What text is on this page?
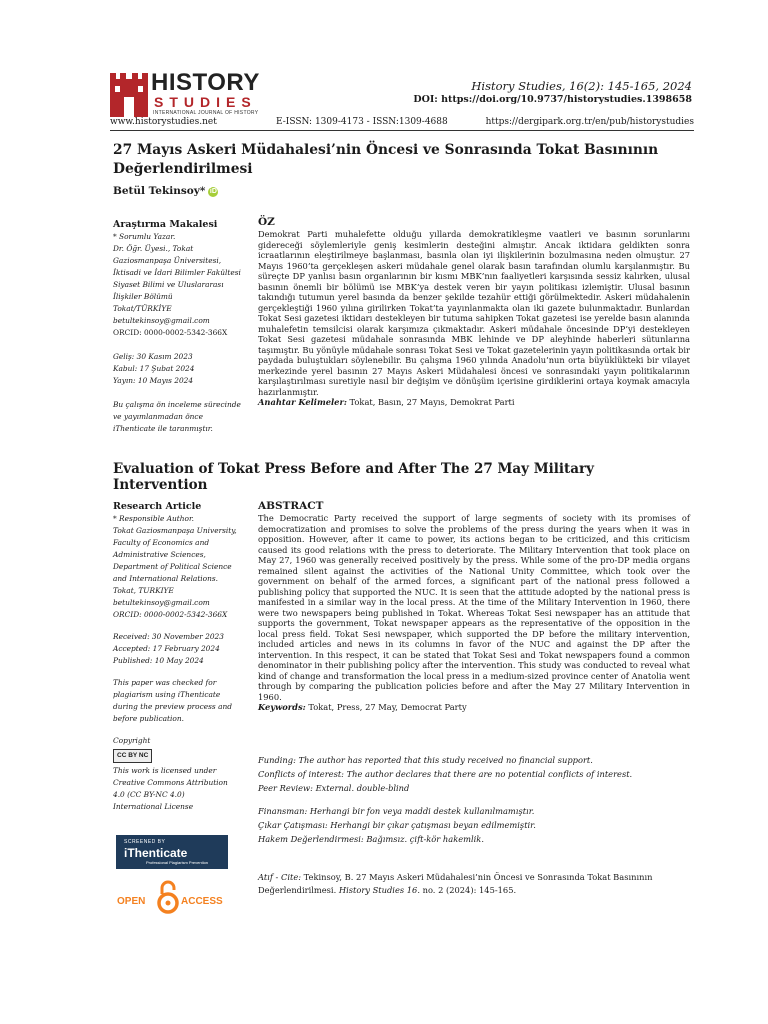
HISTORY
STUDIES
INTERNATIONAL JOURNAL OF HISTORY
History Studies, 16(2): 145-165, 2024
DOI: https://doi.org/10.9737/historystudies.1398658
www.historystudies.net	E-ISSN: 1309-4173 - ISSN:1309-4688	https://dergipark.org.tr/en/pub/historystudies
27 Mayıs Askeri Müdahalesi’nin Öncesi ve Sonrasında Tokat Basınının Değerlendirilmesi
Betül Tekinsoy* iD
Araştırma Makalesi
* Sorumlu Yazar.
Dr. Öğr. Üyesi., Tokat
Gaziosmanpaşa Üniversitesi,
İktisadi ve İdari Bilimler Fakültesi
Siyaset Bilimi ve Uluslararası
İlişkiler Bölümü
Tokat/TÜRKİYE
betultekinsoy@gmail.com
ORCID: 0000-0002-5342-366X
Geliş: 30 Kasım 2023
Kabul: 17 Şubat 2024
Yayın: 10 Mayıs 2024
Bu çalışma ön inceleme sürecinde
ve yayımlanmadan önce
iThenticate ile taranmıştır.
ÖZ
Demokrat Parti muhalefette olduğu yıllarda demokratikleşme vaatleri ve basının sorunlarını gidereceği söylemleriyle geniş kesimlerin desteğini almıştır. Ancak iktidara geldikten sonra icraatlarının eleştirilmeye başlanması, basınla olan iyi ilişkilerinin bozulmasına neden olmuştur. 27 Mayıs 1960’ta gerçekleşen askeri müdahale genel olarak basın tarafından olumlu karşılanmıştır. Bu süreçte DP yanlısı basın organlarının bir kısmı MBK’nın faaliyetleri karşısında sessiz kalırken, ulusal basının önemli bir bölümü ise MBK’ya destek veren bir yayın politikası izlemiştir. Ulusal basının takındığı tutumun yerel basında da benzer şekilde tezahür ettiği görülmektedir. Askeri müdahalenin gerçekleştiği 1960 yılına girilirken Tokat’ta yayınlanmakta olan iki gazete bulunmaktadır. Bunlardan Tokat Sesi gazetesi iktidarı destekleyen bir tutuma sahipken Tokat gazetesi ise yerelde basın alanında muhalefetin temsilcisi olarak karşımıza çıkmaktadır. Askeri müdahale öncesinde DP’yi destekleyen Tokat Sesi gazetesi müdahale sonrasında MBK lehinde ve DP aleyhinde haberleri sütunlarına taşımıştır. Bu yönüyle müdahale sonrası Tokat Sesi ve Tokat gazetelerinin yayın politikasında ortak bir paydada buluştukları söylenebilir. Bu çalışma 1960 yılında Anadolu’nun orta büyüklükteki bir vilayet merkezinde yerel basının 27 Mayıs Askeri Müdahalesi öncesi ve sonrasındaki yayın politikalarının karşılaştırılması suretiyle nasıl bir değişim ve dönüşüm içerisine girdiklerini ortaya koymak amacıyla hazırlanmıştır.
Anahtar Kelimeler: Tokat, Basın, 27 Mayıs, Demokrat Parti
Evaluation of Tokat Press Before and After The 27 May Military Intervention
Research Article
* Responsible Author.
Tokat Gaziosmanpaşa University,
Faculty of Economics and
Administrative Sciences,
Department of Political Science
and International Relations.
Tokat, TURKIYE
betultekinsoy@gmail.com
ORCID: 0000-0002-5342-366X
Received: 30 November 2023
Accepted: 17 February 2024
Published: 10 May 2024
This paper was checked for
plagiarism using iThenticate
during the preview process and
before publication.
Copyright
CC BY NC
This work is licensed under
Creative Commons Attribution
4.0 (CC BY-NC 4.0)
International License
ABSTRACT
The Democratic Party received the support of large segments of society with its promises of democratization and promises to solve the problems of the press during the years when it was in opposition. However, after it came to power, its actions began to be criticized, and this criticism caused its good relations with the press to deteriorate. The Military Intervention that took place on May 27, 1960 was generally received positively by the press. While some of the pro-DP media organs remained silent against the activities of the National Unity Committee, which took over the government on behalf of the armed forces, a significant part of the national press followed a publishing policy that supported the NUC. It is seen that the attitude adopted by the national press is manifested in a similar way in the local press. At the time of the Military Intervention in 1960, there were two newspapers being published in Tokat. Whereas Tokat Sesi newspaper has an attitude that supports the government, Tokat newspaper appears as the representative of the opposition in the local press field. Tokat Sesi newspaper, which supported the DP before the military intervention, included articles and news in its columns in favor of the NUC and against the DP after the intervention. In this respect, it can be stated that Tokat Sesi and Tokat newspapers found a common denominator in their publishing policy after the intervention. This study was conducted to reveal what kind of change and transformation the local press in a medium-sized province center of Anatolia went through by comparing the publication policies before and after the May 27 Military Intervention in 1960.
Keywords: Tokat, Press, 27 May, Democrat Party
Funding: The author has reported that this study received no financial support.
Conflicts of interest: The author declares that there are no potential conflicts of interest.
Peer Review: External. double-blind
Finansman: Herhangi bir fon veya maddi destek kullanılmamıştır.
Çıkar Çatışması: Herhangi bir çıkar çatışması beyan edilmemiştir.
Hakem Değerlendirmesi: Bağımsız. çift-kör hakemlik.
SCREENED BY
iThenticate
Professional Plagiarism Prevention
OPEN	ACCESS
Atıf - Cite: Tekinsoy, B. 27 Mayıs Askeri Müdahalesi’nin Öncesi ve Sonrasında Tokat Basınının Değerlendirilmesi. History Studies 16. no. 2 (2024): 145-165.
